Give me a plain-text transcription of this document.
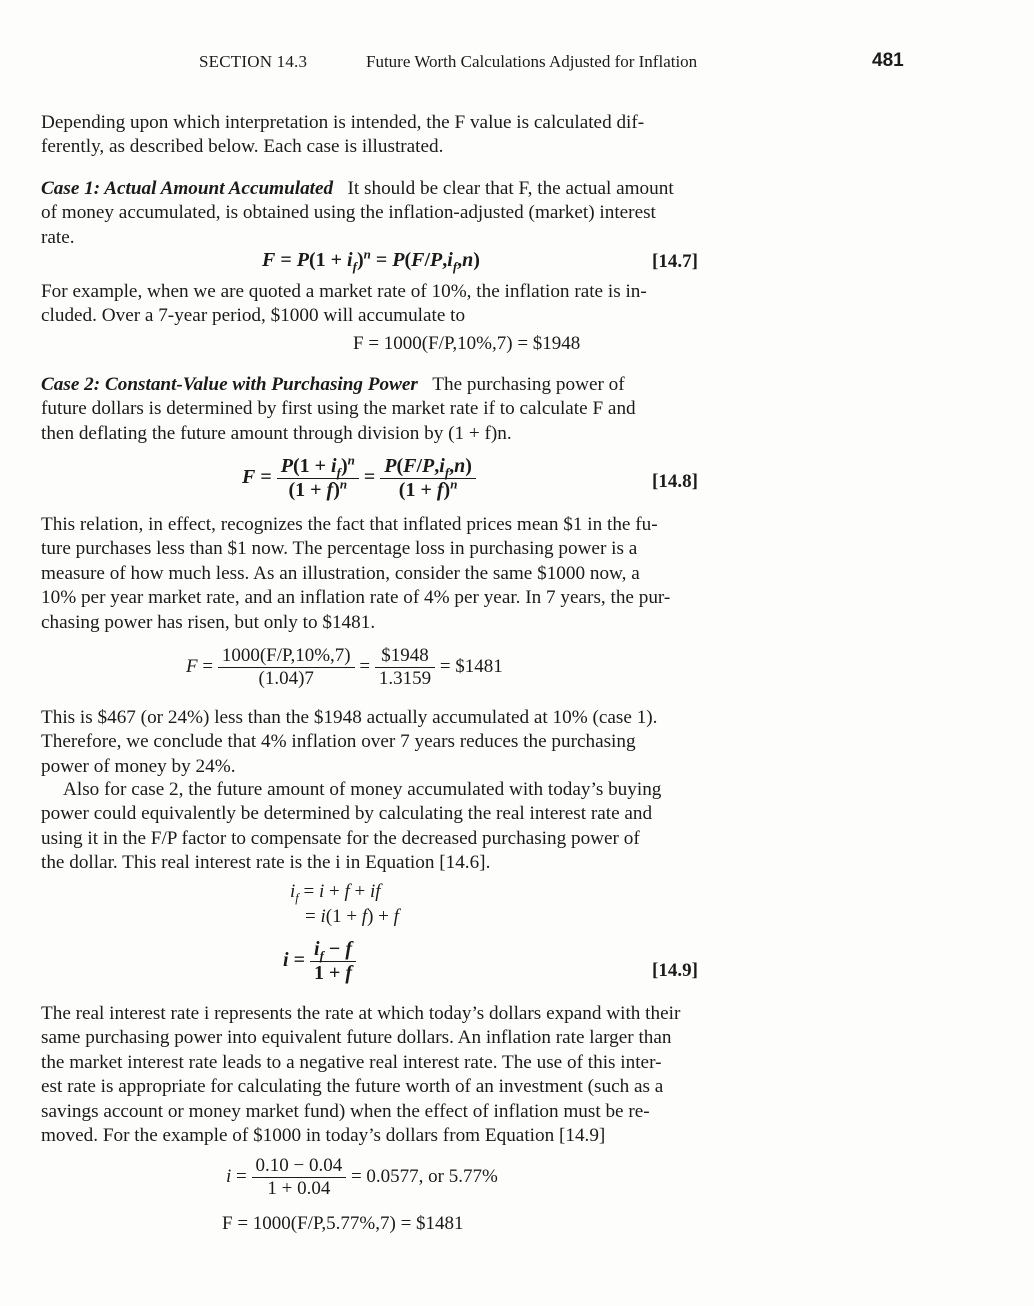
SECTION 14.3	Future Worth Calculations Adjusted for Inflation	481
Depending upon which interpretation is intended, the F value is calculated dif-
ferently, as described below. Each case is illustrated.
Case 1: Actual Amount Accumulated It should be clear that F, the actual amount
of money accumulated, is obtained using the inflation-adjusted (market) interest
rate.
$F = P(1 + i_f)^n = P(F/P,i_f,n)$	[14.7]
For example, when we are quoted a market rate of 10%, the inflation rate is in-
cluded. Over a 7-year period, $1000 will accumulate to
F = 1000(F/P,10%,7) = $1948
Case 2: Constant-Value with Purchasing Power The purchasing power of
future dollars is determined by first using the market rate if to calculate F and
then deflating the future amount through division by (1 + f)n.
$F = \frac{P(1 + i_f)^n}{(1 + f)^n} = \frac{P(F/P,i_f,n)}{(1 + f)^n}$	[14.8]
This relation, in effect, recognizes the fact that inflated prices mean $1 in the fu-
ture purchases less than $1 now. The percentage loss in purchasing power is a
measure of how much less. As an illustration, consider the same $1000 now, a
10% per year market rate, and an inflation rate of 4% per year. In 7 years, the pur-
chasing power has risen, but only to $1481.
$F = \frac{1000(F/P,10\%,7)}{(1.04)7} = \frac{\$1948}{1.3159}$ = $1481
This is $467 (or 24%) less than the $1948 actually accumulated at 10% (case 1).
Therefore, we conclude that 4% inflation over 7 years reduces the purchasing
power of money by 24%.
Also for case 2, the future amount of money accumulated with today’s buying
power could equivalently be determined by calculating the real interest rate and
using it in the F/P factor to compensate for the decreased purchasing power of
the dollar. This real interest rate is the i in Equation [14.6].
$i_f = i + f$ + if
= i(1 + f) + f
$i = \frac{i_f - f}{1 + f}$	[14.9]
The real interest rate i represents the rate at which today’s dollars expand with their
same purchasing power into equivalent future dollars. An inflation rate larger than
the market interest rate leads to a negative real interest rate. The use of this inter-
est rate is appropriate for calculating the future worth of an investment (such as a
savings account or money market fund) when the effect of inflation must be re-
moved. For the example of $1000 in today’s dollars from Equation [14.9]
$i = \frac{0.10 - 0.04}{1 + 0.04} = 0.0577$, or 5.77%
F = 1000(F/P,5.77%,7) = $1481
